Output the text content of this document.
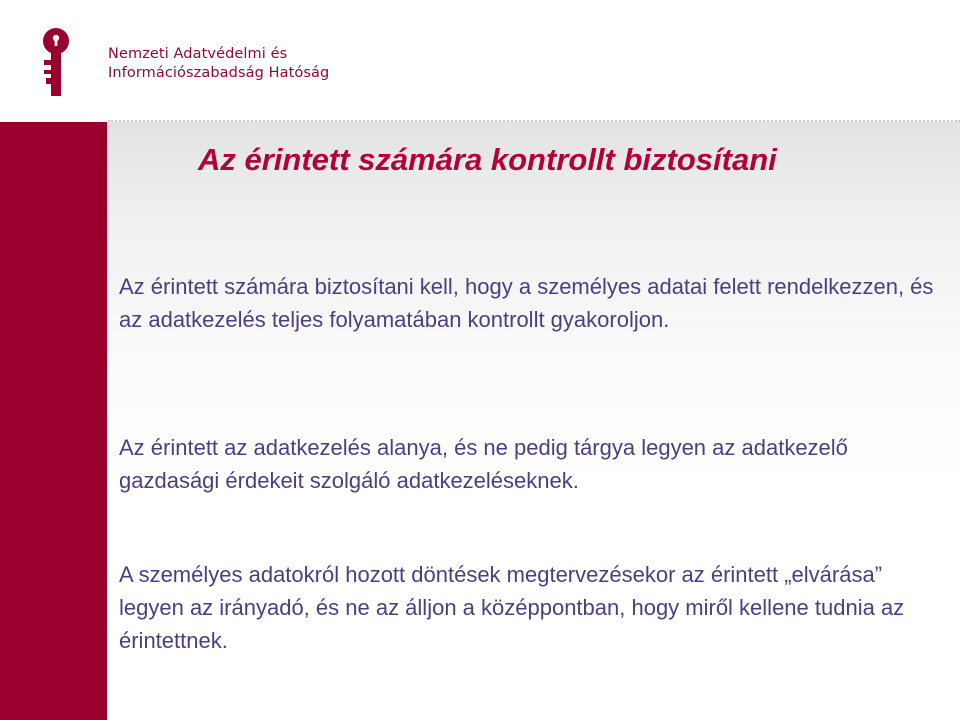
Nemzeti Adatvédelmi és
Információszabadság Hatóság
Az érintett számára kontrollt biztosítani

Az érintett számára biztosítani kell, hogy a személyes adatai felett rendelkezzen, és az adatkezelés teljes folyamatában kontrollt gyakoroljon.

Az érintett az adatkezelés alanya, és ne pedig tárgya legyen az adatkezelő gazdasági érdekeit szolgáló adatkezeléseknek.

A személyes adatokról hozott döntések megtervezésekor az érintett „elvárása” legyen az irányadó, és ne az álljon a középpontban, hogy miről kellene tudnia az érintettnek.
